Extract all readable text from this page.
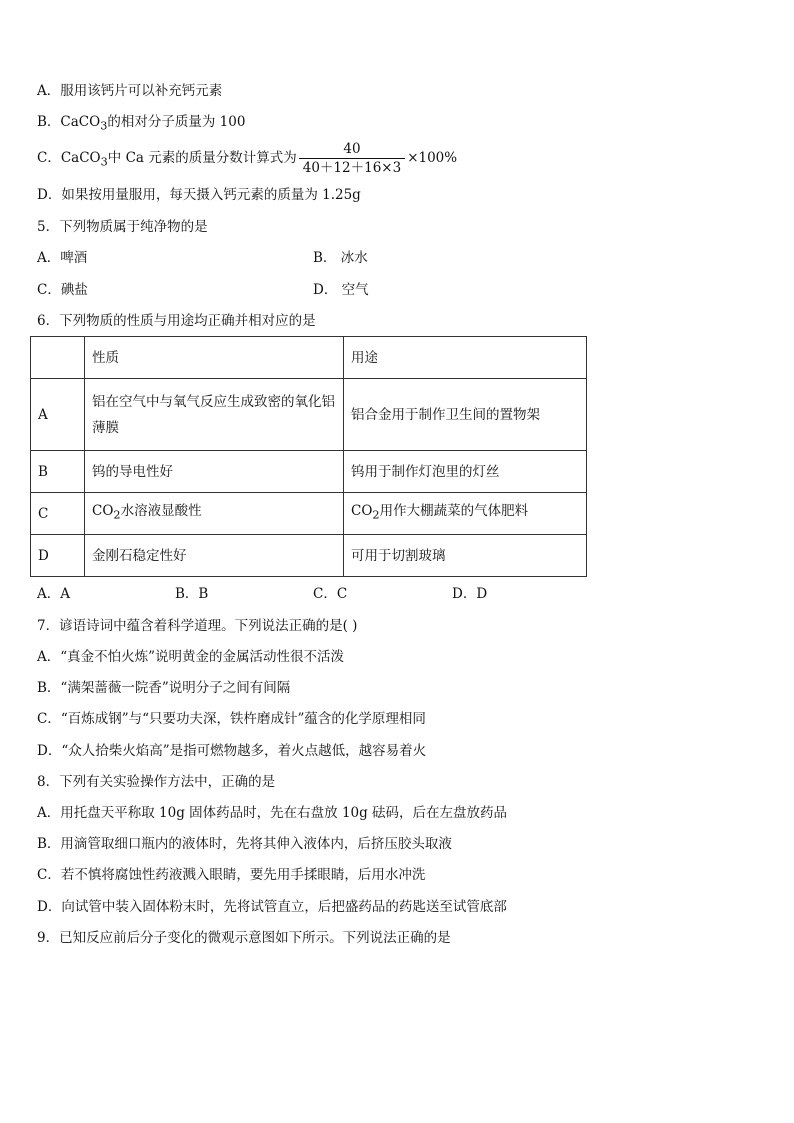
A．服用该钙片可以补充钙元素
B．CaCO$_3$的相对分子质量为 100
C．CaCO$_3$中 Ca 元素的质量分数计算式为 $\frac{40}{40+12+16\times 3} \times 100\%$
D．如果按用量服用，每天摄入钙元素的质量为 1.25g
5．下列物质属于纯净物的是
A．啤酒	B． 冰水
C．碘盐	D． 空气
6．下列物质的性质与用途均正确并相对应的是
	性质	用途
A	铝在空气中与氧气反应生成致密的氧化铝薄膜	铝合金用于制作卫生间的置物架
B	钨的导电性好	钨用于制作灯泡里的灯丝
C	$CO_2$水溶液显酸性	$CO_2$用作大棚蔬菜的气体肥料
D	金刚石稳定性好	可用于切割玻璃
A．A	B．B	C．C	D．D
7．谚语诗词中蕴含着科学道理。下列说法正确的是( )
A．“真金不怕火炼”说明黄金的金属活动性很不活泼
B．“满架蔷薇一院香”说明分子之间有间隔
C．“百炼成钢”与“只要功夫深，铁杵磨成针”蕴含的化学原理相同
D．“众人拾柴火焰高”是指可燃物越多，着火点越低，越容易着火
8．下列有关实验操作方法中，正确的是
A．用托盘天平称取 10g 固体药品时，先在右盘放 10g 砝码，后在左盘放药品
B．用滴管取细口瓶内的液体时，先将其伸入液体内，后挤压胶头取液
C．若不慎将腐蚀性药液溅入眼睛，要先用手揉眼睛，后用水冲洗
D．向试管中装入固体粉末时，先将试管直立，后把盛药品的药匙送至试管底部
9．已知反应前后分子变化的微观示意图如下所示。下列说法正确的是
